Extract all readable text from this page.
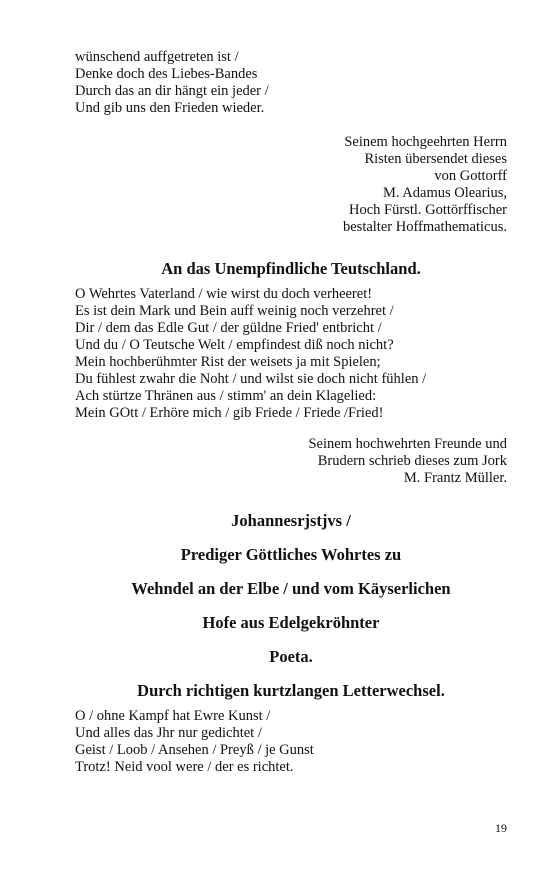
wünschend auffgetreten ist /
Denke doch des Liebes-Bandes
Durch das an dir hängt ein jeder /
Und gib uns den Frieden wieder.
Seinem hochgeehrten Herrn
Risten übersendet dieses
von Gottorff
M. Adamus Olearius,
Hoch Fürstl. Gottörffischer
bestalter Hoffmathematicus.
An das Unempfindliche Teutschland.
O Wehrtes Vaterland / wie wirst du doch verheeret!
Es ist dein Mark und Bein auff weinig noch verzehret /
Dir / dem das Edle Gut / der güldne Fried' entbricht /
Und du / O Teutsche Welt / empfindest diß noch nicht?
Mein hochberühmter Rist der weisets ja mit Spielen;
Du fühlest zwahr die Noht / und wilst sie doch nicht fühlen /
Ach stürtze Thränen aus / stimm' an dein Klagelied:
Mein GOtt / Erhöre mich / gib Friede / Friede /Fried!
Seinem hochwehrten Freunde und
Brudern schrieb dieses zum Jork
M. Frantz Müller.
Johannesrjstjvs /
Prediger Göttliches Wohrtes zu
Wehndel an der Elbe / und vom Käyserlichen
Hofe aus Edelgekröhnter
Poeta.
Durch richtigen kurtzlangen Letterwechsel.
O / ohne Kampf hat Ewre Kunst /
Und alles das Jhr nur gedichtet /
Geist / Loob / Ansehen / Preyß / je Gunst
Trotz! Neid vool were / der es richtet.
19
